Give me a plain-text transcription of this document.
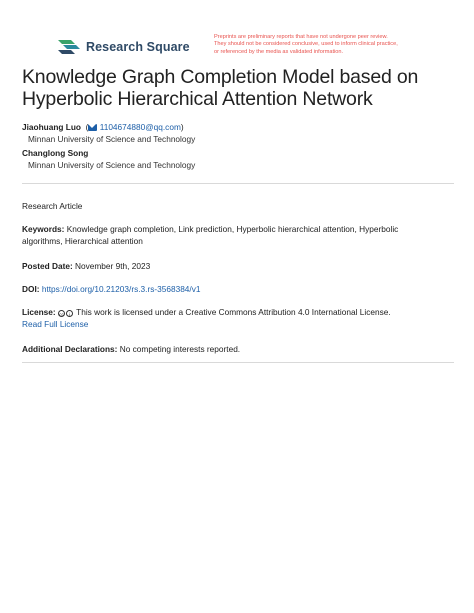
Research Square
Preprints are preliminary reports that have not undergone peer review.
They should not be considered conclusive, used to inform clinical practice,
or referenced by the media as validated information.
Knowledge Graph Completion Model based on
Hyperbolic Hierarchical Attention Network
Jiaohuang Luo  ( 1104674880@qq.com)
Minnan University of Science and Technology
Changlong Song
Minnan University of Science and Technology
Research Article
Keywords: Knowledge graph completion, Link prediction, Hyperbolic hierarchical attention, Hyperbolic
algorithms, Hierarchical attention
Posted Date: November 9th, 2023
DOI: https://doi.org/10.21203/rs.3.rs-3568384/v1
License: cc i This work is licensed under a Creative Commons Attribution 4.0 International License.
Read Full License
Additional Declarations: No competing interests reported.
